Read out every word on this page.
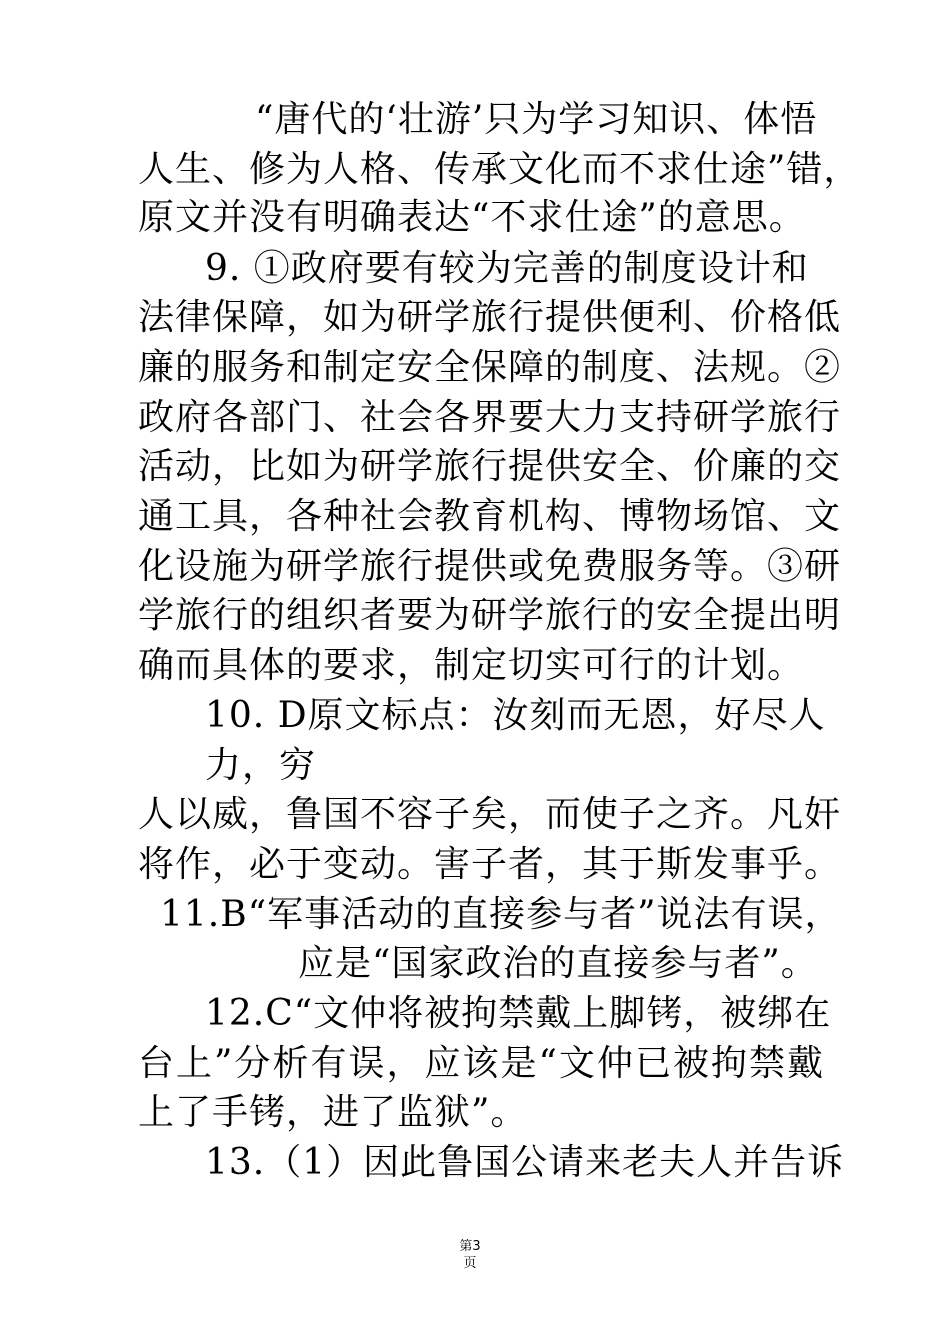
“唐代的‘壮游’只为学习知识、体悟
人生、修为人格、传承文化而不求仕途”错，
原文并没有明确表达“不求仕途”的意思。
9. ①政府要有较为完善的制度设计和
法律保障，如为研学旅行提供便利、价格低
廉的服务和制定安全保障的制度、法规。②
政府各部门、社会各界要大力支持研学旅行
活动，比如为研学旅行提供安全、价廉的交
通工具，各种社会教育机构、博物场馆、文
化设施为研学旅行提供或免费服务等。③研
学旅行的组织者要为研学旅行的安全提出明
确而具体的要求，制定切实可行的计划。
10. D原文标点：汝刻而无恩，好尽人
力，穷
人以威，鲁国不容子矣，而使子之齐。凡奸
将作，必于变动。害子者，其于斯发事乎。
11.B“军事活动的直接参与者”说法有误，
应是“国家政治的直接参与者”。
12.C“文仲将被拘禁戴上脚铐，被绑在
台上”分析有误，应该是“文仲已被拘禁戴
上了手铐，进了监狱”。
13.（1）因此鲁国公请来老夫人并告诉
第3
页
